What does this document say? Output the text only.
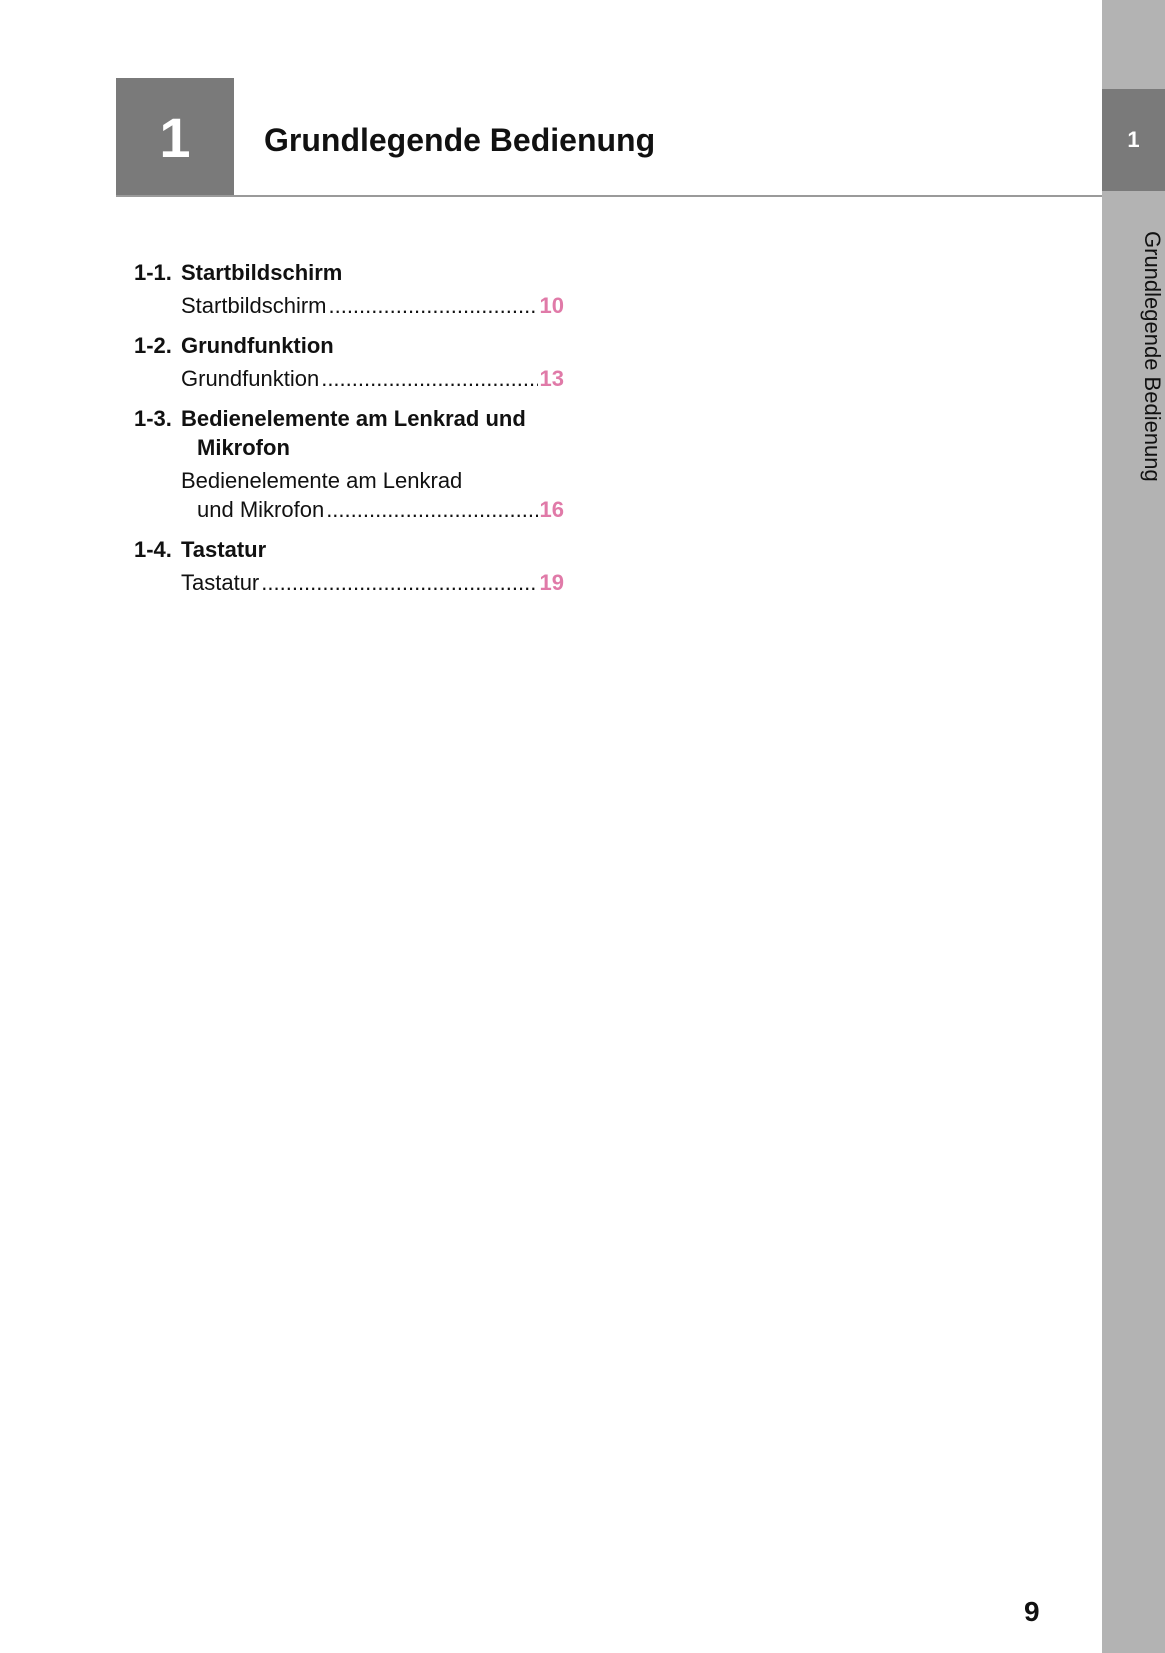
1
Grundlegende Bedienung
1 Grundlegende Bedienung
1-1. Startbildschirm
Startbildschirm .....	10
1-2. Grundfunktion
Grundfunktion .....	13
1-3. Bedienelemente am Lenkrad und
Mikrofon
Bedienelemente am Lenkrad
und Mikrofon .....	16
1-4. Tastatur
Tastatur .....	19
9
